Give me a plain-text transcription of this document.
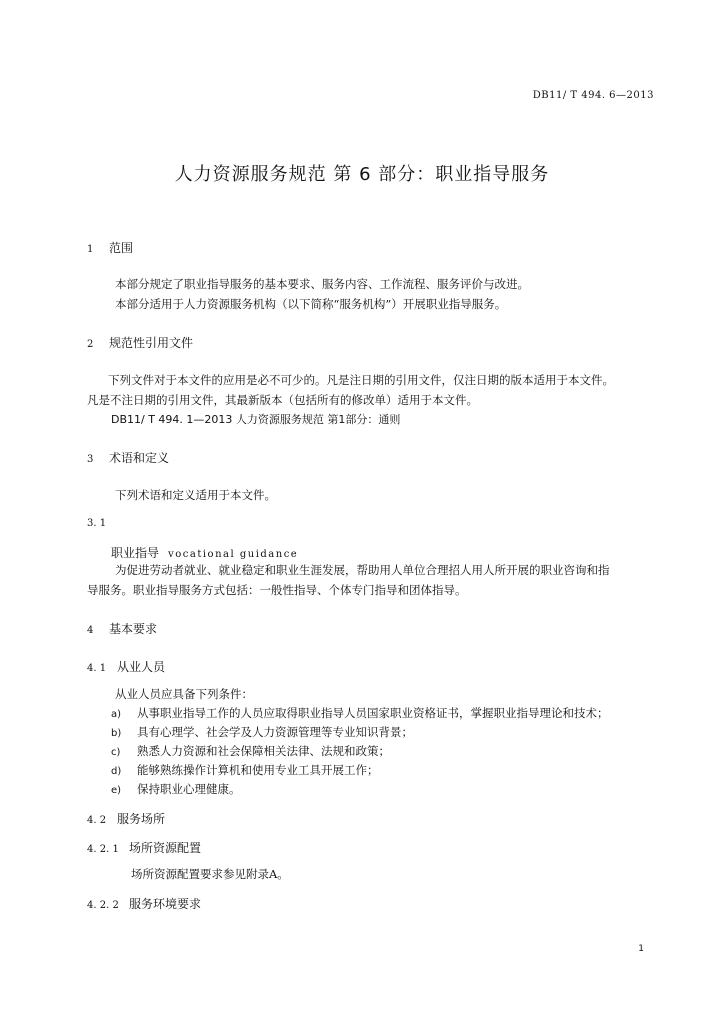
DB11/ T 494. 6—2013
人力资源服务规范 第 6 部分：职业指导服务
1 范围
本部分规定了职业指导服务的基本要求、服务内容、工作流程、服务评价与改进。
本部分适用于人力资源服务机构（以下简称“服务机构”）开展职业指导服务。
2 规范性引用文件
下列文件对于本文件的应用是必不可少的。凡是注日期的引用文件，仅注日期的版本适用于本文件。
凡是不注日期的引用文件，其最新版本（包括所有的修改单）适用于本文件。
DB11/ T 494. 1—2013 人力资源服务规范 第1部分：通则
3 术语和定义
下列术语和定义适用于本文件。
3. 1
职业指导 vocational guidance
为促进劳动者就业、就业稳定和职业生涯发展，帮助用人单位合理招人用人所开展的职业咨询和指
导服务。职业指导服务方式包括：一般性指导、个体专门指导和团体指导。
4 基本要求
4. 1 从业人员
从业人员应具备下列条件：
a) 从事职业指导工作的人员应取得职业指导人员国家职业资格证书，掌握职业指导理论和技术；
b) 具有心理学、社会学及人力资源管理等专业知识背景；
c) 熟悉人力资源和社会保障相关法律、法规和政策；
d) 能够熟练操作计算机和使用专业工具开展工作；
e) 保持职业心理健康。
4. 2 服务场所
4. 2. 1 场所资源配置
场所资源配置要求参见附录A。
4. 2. 2 服务环境要求
1
